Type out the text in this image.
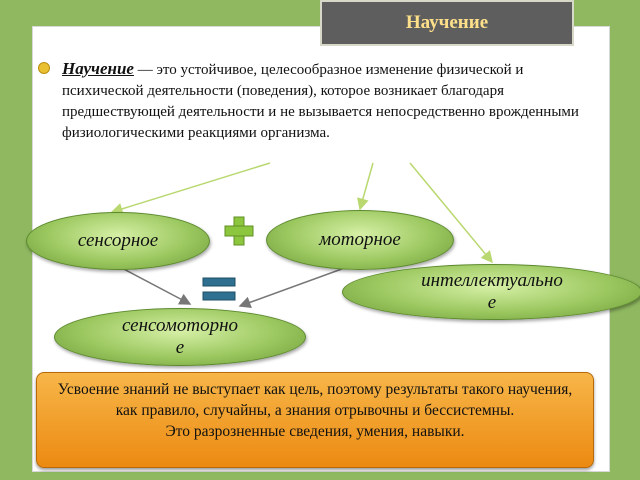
Научение
Научение — это устойчивое, целесообразное изменение физической и психической деятельности (поведения), которое возникает благодаря предшествующей деятельности и не вызывается непосредственно врожденными физиологическими реакциями организма.
сенсорное	моторное
интеллектуально
е
сенсомоторно
е
Усвоение знаний не выступает как цель, поэтому результаты такого научения, как правило, случайны, а знания отрывочны и бессистемны.
Это разрозненные сведения, умения, навыки.
